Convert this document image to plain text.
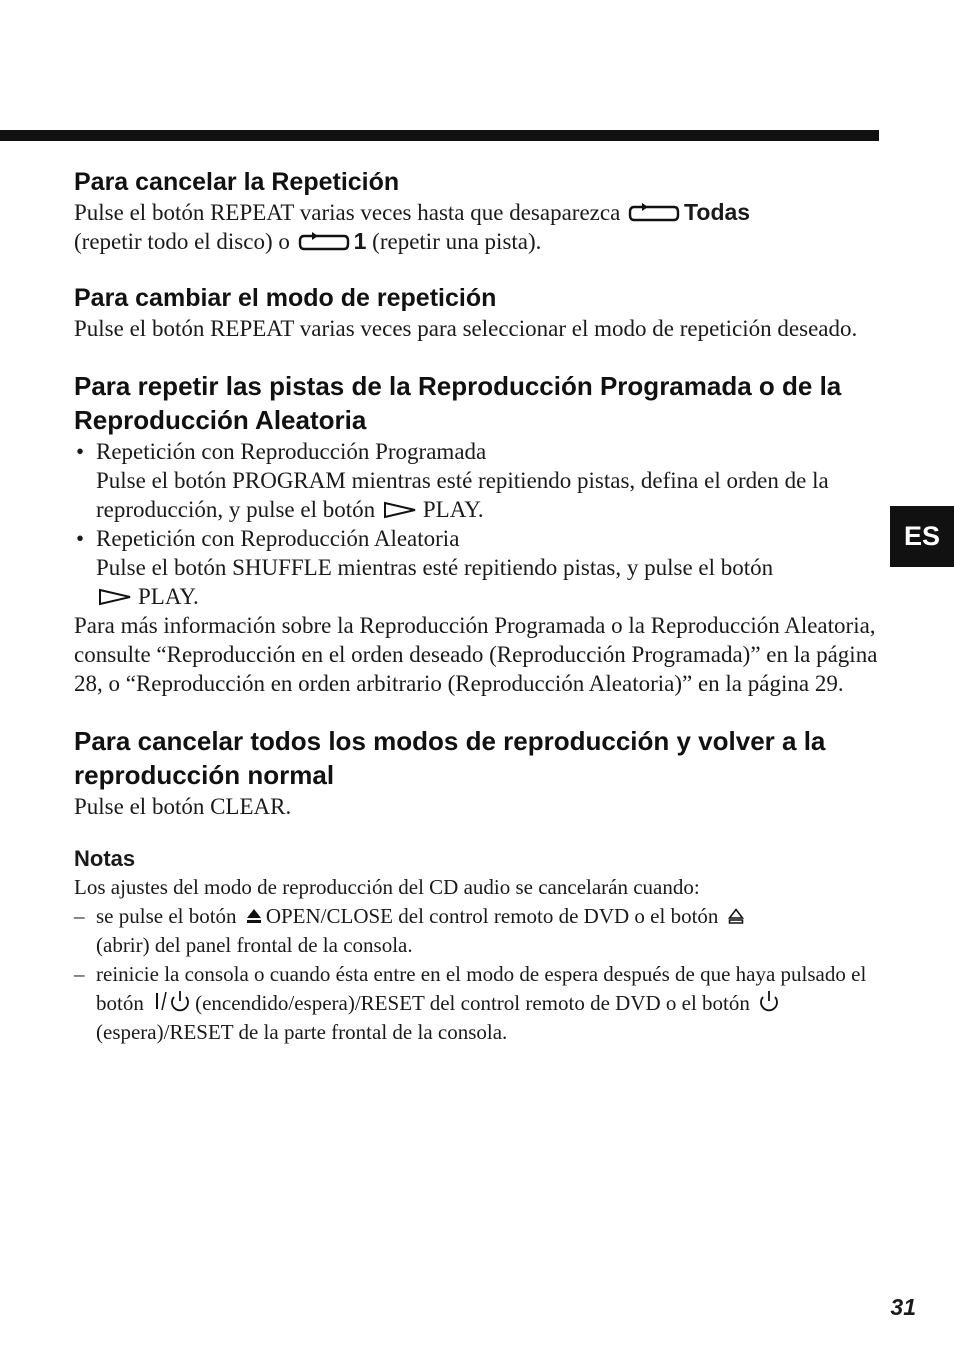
ES
Para cancelar la Repetición

Pulse el botón REPEAT varias veces hasta que desaparezca	Todas
(repetir todo el disco) o	1 (repetir una pista).

Para cambiar el modo de repetición

Pulse el botón REPEAT varias veces para seleccionar el modo de repetición deseado.

Para repetir las pistas de la Reproducción Programada o de la Reproducción Aleatoria
• Repetición con Reproducción Programada
Pulse el botón PROGRAM mientras esté repitiendo pistas, defina el orden de la reproducción, y pulse el botón PLAY.
• Repetición con Reproducción Aleatoria
Pulse el botón SHUFFLE mientras esté repitiendo pistas, y pulse el botón
PLAY.

Para más información sobre la Reproducción Programada o la Reproducción Aleatoria, consulte “Reproducción en el orden deseado (Reproducción Programada)” en la página 28, o “Reproducción en orden arbitrario (Reproducción Aleatoria)” en la página 29.

Para cancelar todos los modos de reproducción y volver a la reproducción normal

Pulse el botón CLEAR.

Notas

Los ajustes del modo de reproducción del CD audio se cancelarán cuando:

– se pulse el botón OPEN/CLOSE del control remoto de DVD o el botón
(abrir) del panel frontal de la consola.
– reinicie la consola o cuando ésta entre en el modo de espera después de que haya pulsado el botón (encendido/espera)/RESET del control remoto de DVD o el botón (espera)/RESET de la parte frontal de la consola.
31
